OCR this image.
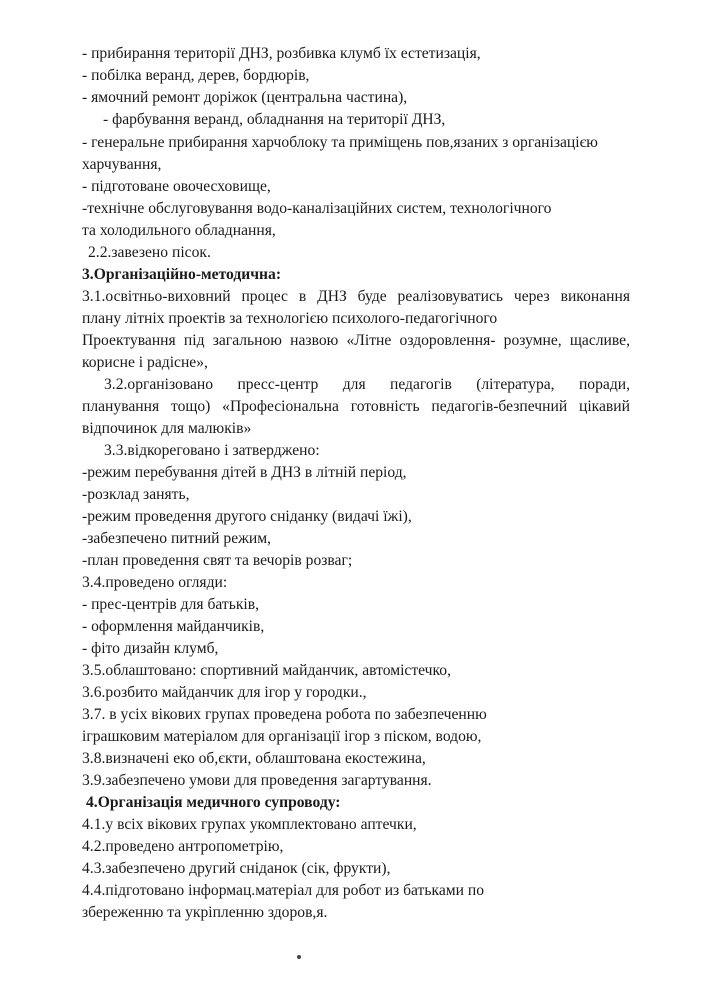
- прибирання території ДНЗ, розбивка клумб їх естетизація,
- побілка веранд, дерев, бордюрів,
- ямочний ремонт доріжок (центральна частина),
- фарбування веранд, обладнання на території ДНЗ,
- генеральне прибирання харчоблоку та приміщень пов,язаних з організацією
харчування,
- підготоване овочесховище,
-технічне обслуговування водо-каналізаційних систем, технологічного
та холодильного обладнання,
2.2.завезено пісок.
3.Організаційно-методична:
3.1.освітньо-виховний процес в ДНЗ буде реалізовуватись через виконання
плану літніх проектів за технологією психолого-педагогічного
Проектування під загальною назвою «Літне оздоровлення- розумне, щасливе,
корисне і радісне»,
3.2.організовано пресс-центр для педагогів (література, поради,
планування тощо) «Професіональна готовність педагогів-безпечний цікавий
відпочинок для малюків»
3.3.відкореговано і затверджено:
-режим перебування дітей в ДНЗ в літній період,
-розклад занять,
-режим проведення другого сніданку (видачі їжі),
-забезпечено питний режим,
-план проведення свят та вечорів розваг;
3.4.проведено огляди:
- прес-центрів для батьків,
- оформлення майданчиків,
- фіто дизайн клумб,
3.5.облаштовано: спортивний майданчик, автомістечко,
3.6.розбито майданчик для ігор у городки.,
3.7. в усіх вікових групах проведена робота по забезпеченню
іграшковим матеріалом для організації ігор з піском, водою,
3.8.визначені еко об,єкти, облаштована екостежина,
3.9.забезпечено умови для проведення загартування.
4.Організація медичного супроводу:
4.1.у всіх вікових групах укомплектовано аптечки,
4.2.проведено антропометрію,
4.3.забезпечено другий сніданок (сік, фрукти),
4.4.підготовано інформац.матеріал для робот из батьками по
збереженню та укріпленню здоров,я.
